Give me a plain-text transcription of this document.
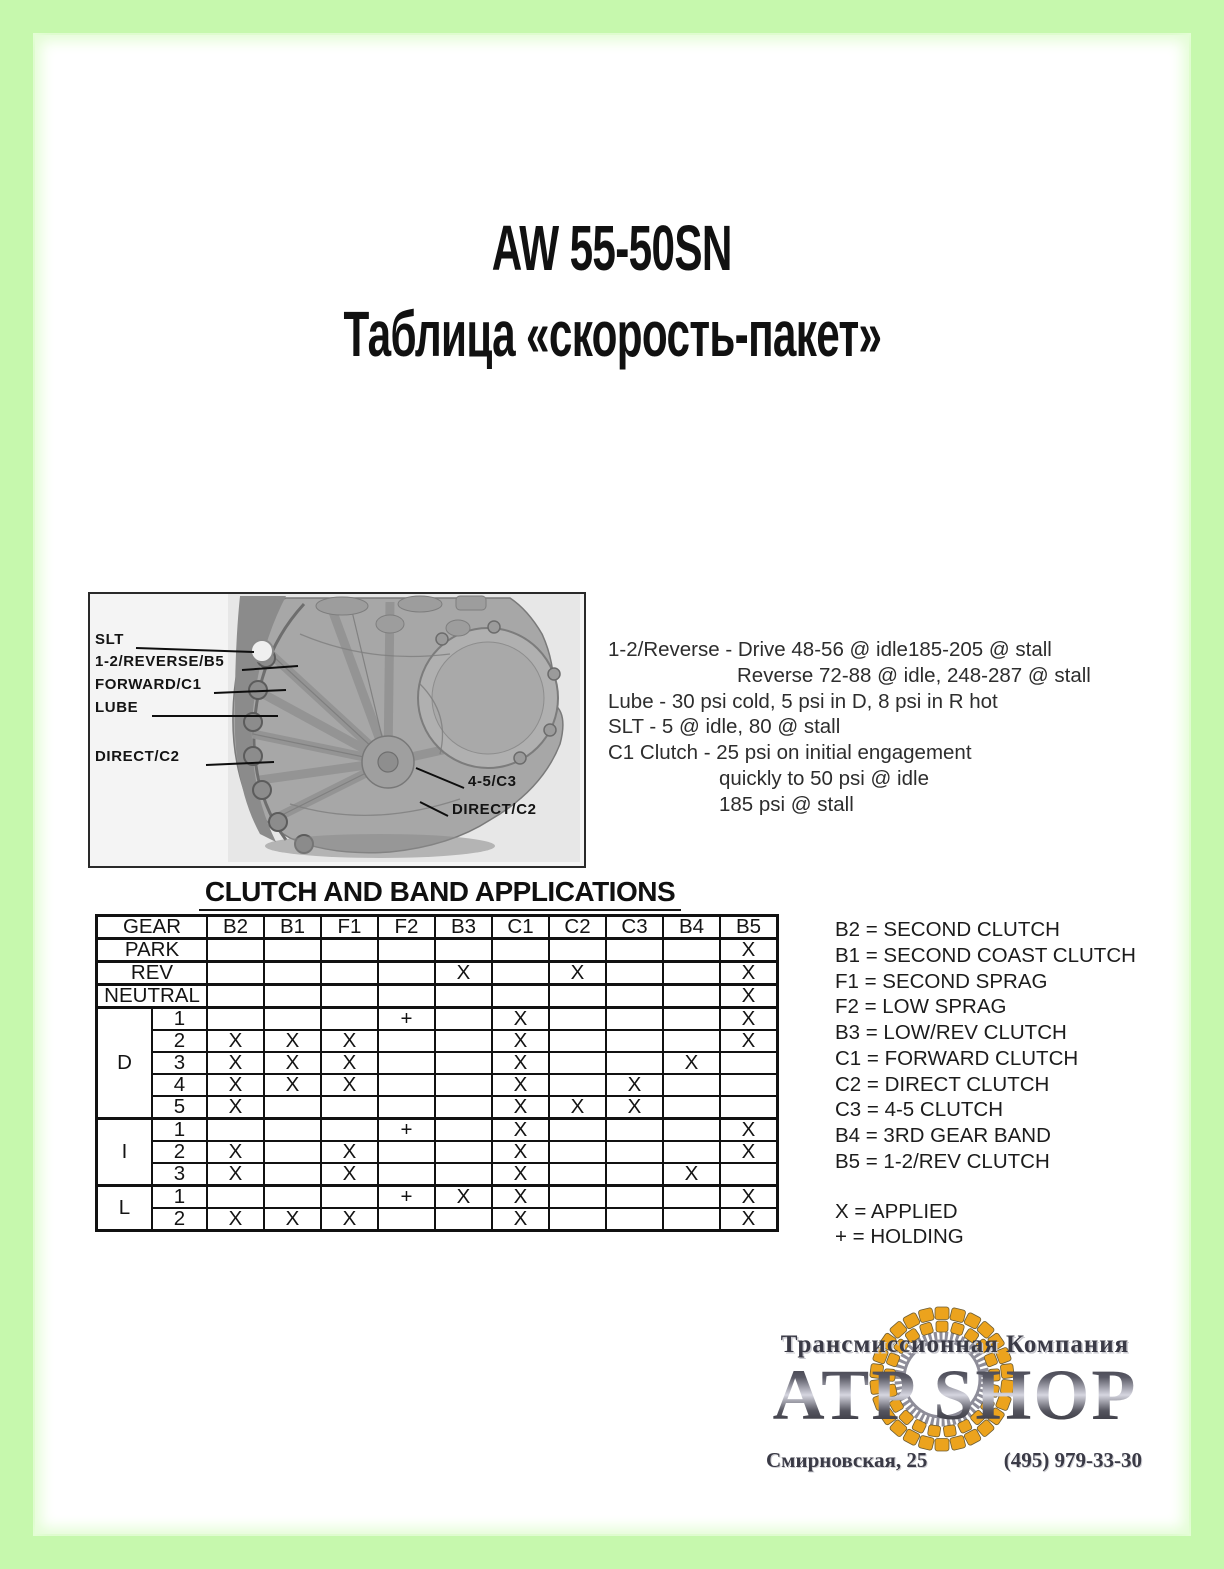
AW 55-50SN
Таблица «скорость-пакет»
SLT
1-2/REVERSE/B5
FORWARD/C1
LUBE
DIRECT/C2
4-5/C3
DIRECT/C2
1-2/Reverse - Drive 48-56 @ idle185-205 @ stall
Reverse 72-88 @ idle, 248-287 @ stall
Lube - 30 psi cold, 5 psi in D, 8 psi in R hot
SLT - 5 @ idle, 80 @ stall
C1 Clutch - 25 psi on initial engagement
quickly to 50 psi @ idle
185 psi @ stall
CLUTCH AND BAND APPLICATIONS
GEAR		B2	B1	F1	F2	B3	C1	C2	C3	B4	B5
PARK											X
REV						X		X			X
NEUTRAL											X
D	1				+		X				X
	2	X	X	X			X				X
	3	X	X	X			X			X	
	4	X	X	X			X		X		
	5	X					X	X	X		
I	1				+		X				X
	2	X		X			X				X
	3	X		X			X			X	
L	1				+	X	X				X
	2	X	X	X			X				X
B2 = SECOND CLUTCH
B1 = SECOND COAST CLUTCH
F1 = SECOND SPRAG
F2 = LOW SPRAG
B3 = LOW/REV CLUTCH
C1 = FORWARD CLUTCH
C2 = DIRECT CLUTCH
C3 = 4-5 CLUTCH
B4 = 3RD GEAR BAND
B5 = 1-2/REV CLUTCH
X = APPLIED
+ = HOLDING
Трансмиссионная Компания
ATP SHOP
Смирновская, 25	(495) 979-33-30
